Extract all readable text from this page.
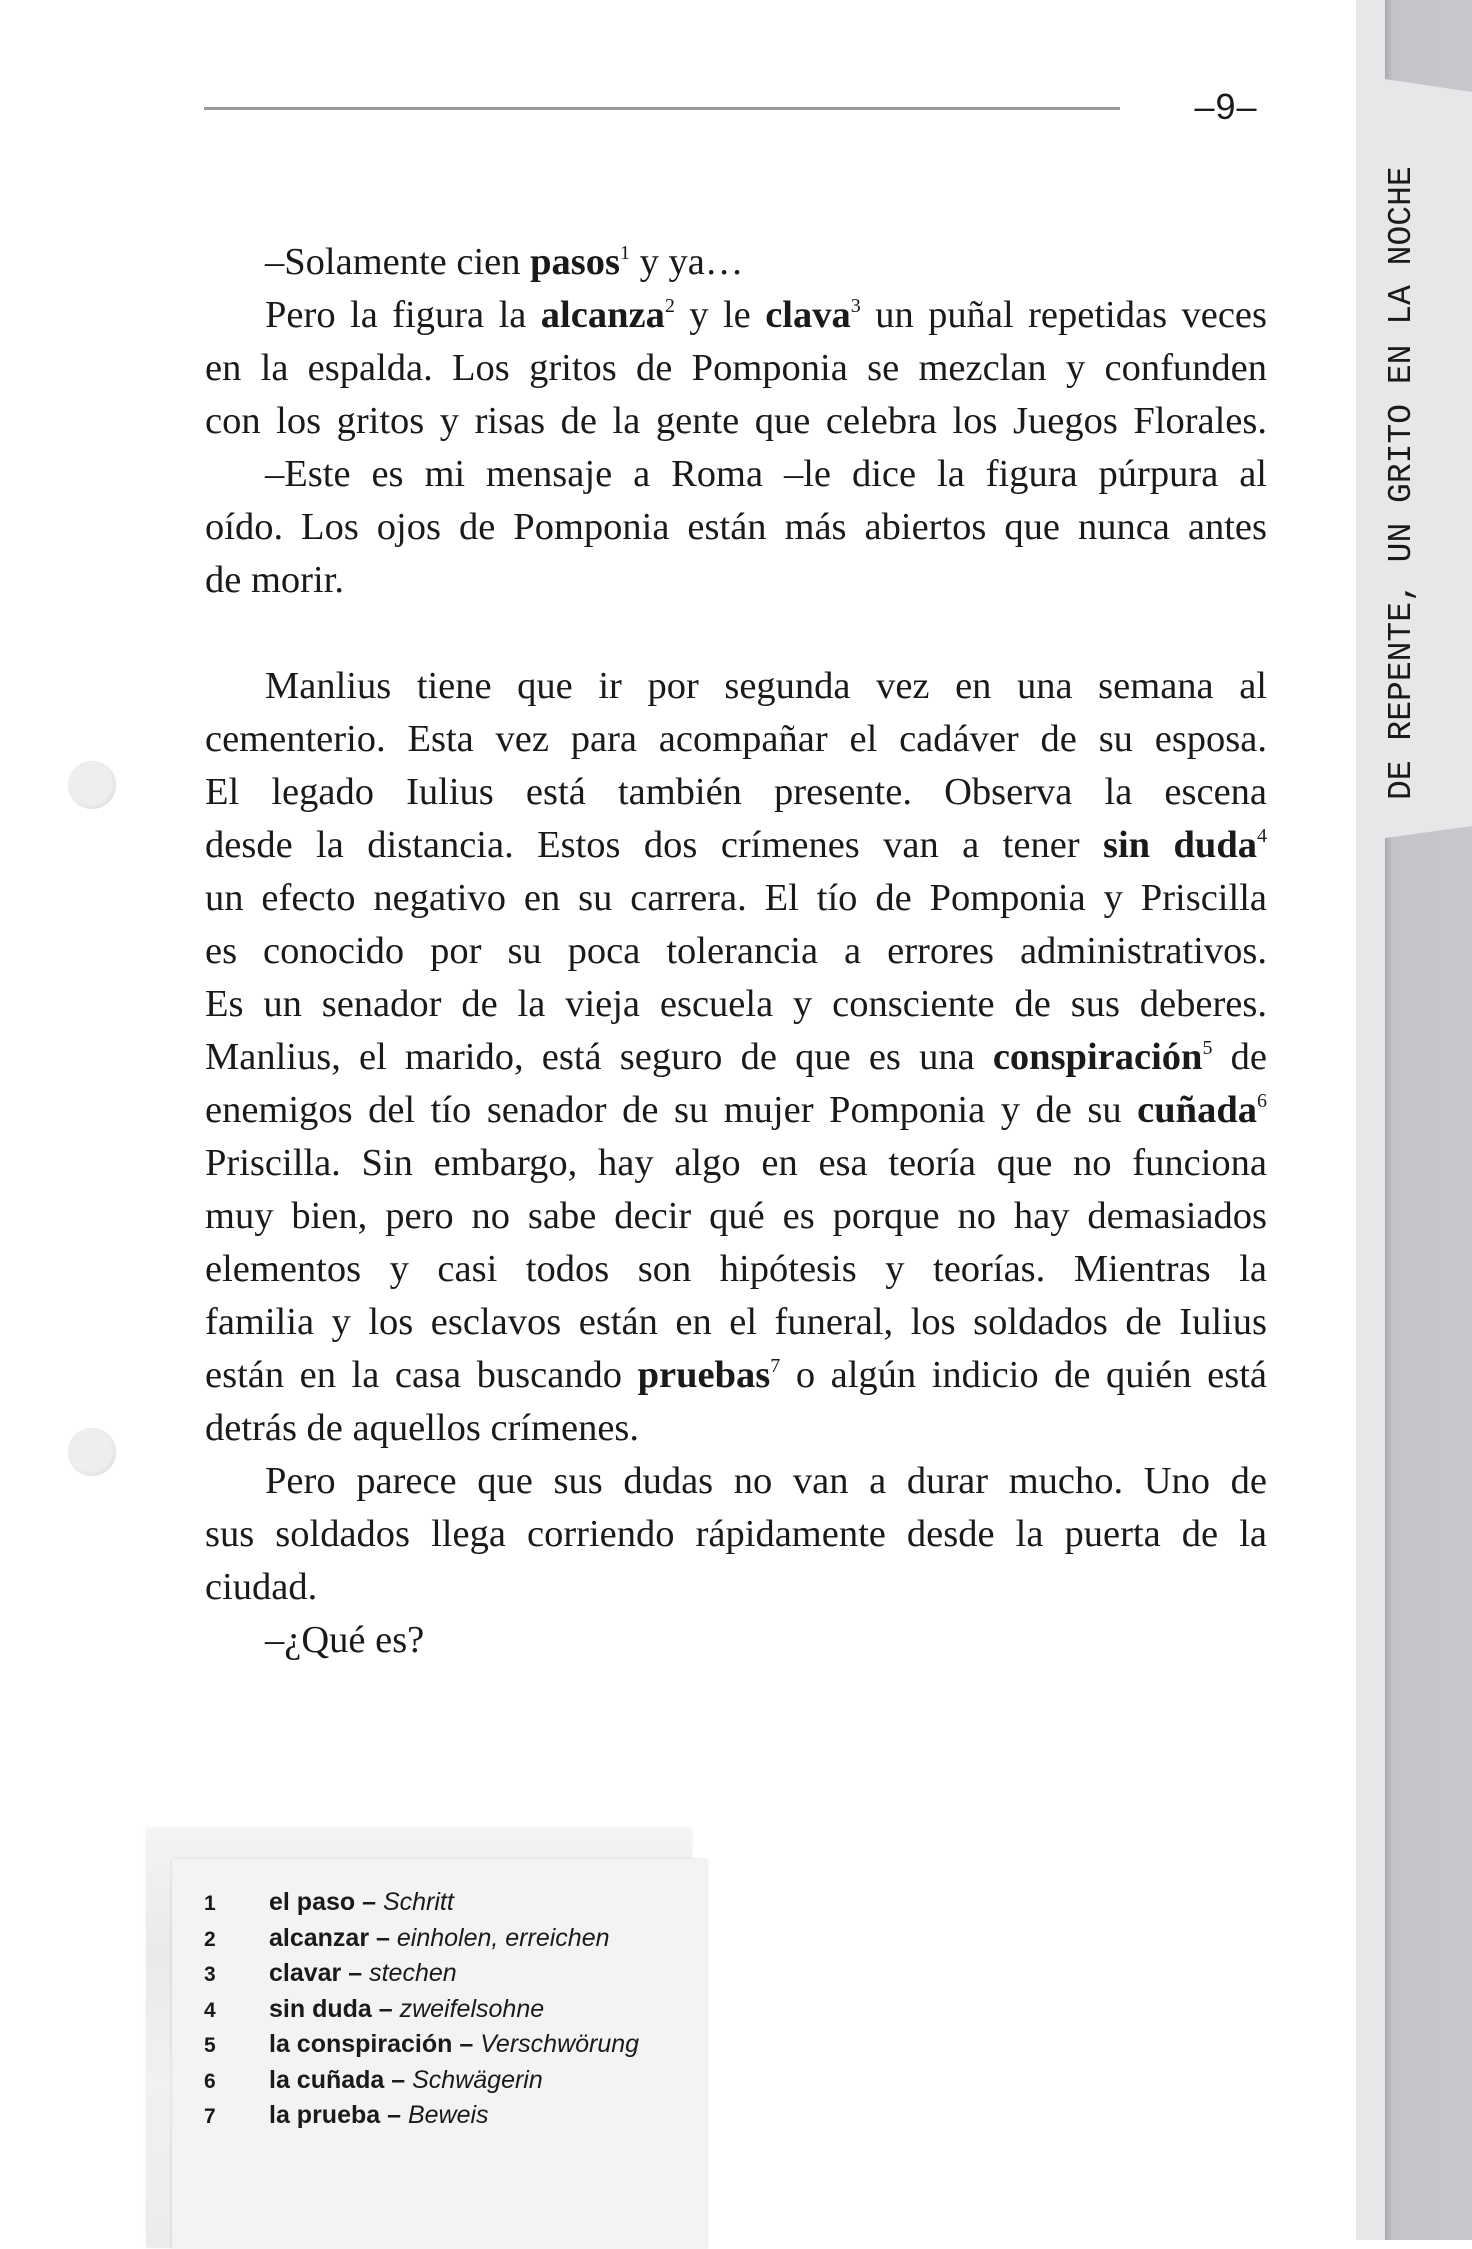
–9–
DE REPENTE, UN GRITO EN LA NOCHE
–Solamente cien pasos$^1$ y ya…
Pero la figura la alcanza$^2$ y le clava$^3$ un puñal repetidas veces
en la espalda. Los gritos de Pomponia se mezclan y confunden
con los gritos y risas de la gente que celebra los Juegos Florales.
–Este es mi mensaje a Roma –le dice la figura púrpura al
oído. Los ojos de Pomponia están más abiertos que nunca antes
de morir.
Manlius tiene que ir por segunda vez en una semana al
cementerio. Esta vez para acompañar el cadáver de su esposa.
El legado Iulius está también presente. Observa la escena
desde la distancia. Estos dos crímenes van a tener sin duda$^4$
un efecto negativo en su carrera. El tío de Pomponia y Priscilla
es conocido por su poca tolerancia a errores administrativos.
Es un senador de la vieja escuela y consciente de sus deberes.
Manlius, el marido, está seguro de que es una conspiración$^5$ de
enemigos del tío senador de su mujer Pomponia y de su cuñada$^6$
Priscilla. Sin embargo, hay algo en esa teoría que no funciona
muy bien, pero no sabe decir qué es porque no hay demasiados
elementos y casi todos son hipótesis y teorías. Mientras la
familia y los esclavos están en el funeral, los soldados de Iulius
están en la casa buscando pruebas$^7$ o algún indicio de quién está
detrás de aquellos crímenes.
Pero parece que sus dudas no van a durar mucho. Uno de
sus soldados llega corriendo rápidamente desde la puerta de la
ciudad.
–¿Qué es?
1 el paso – Schritt
2 alcanzar – einholen, erreichen
3 clavar – stechen
4 sin duda – zweifelsohne
5 la conspiración – Verschwörung
6 la cuñada – Schwägerin
7 la prueba – Beweis
